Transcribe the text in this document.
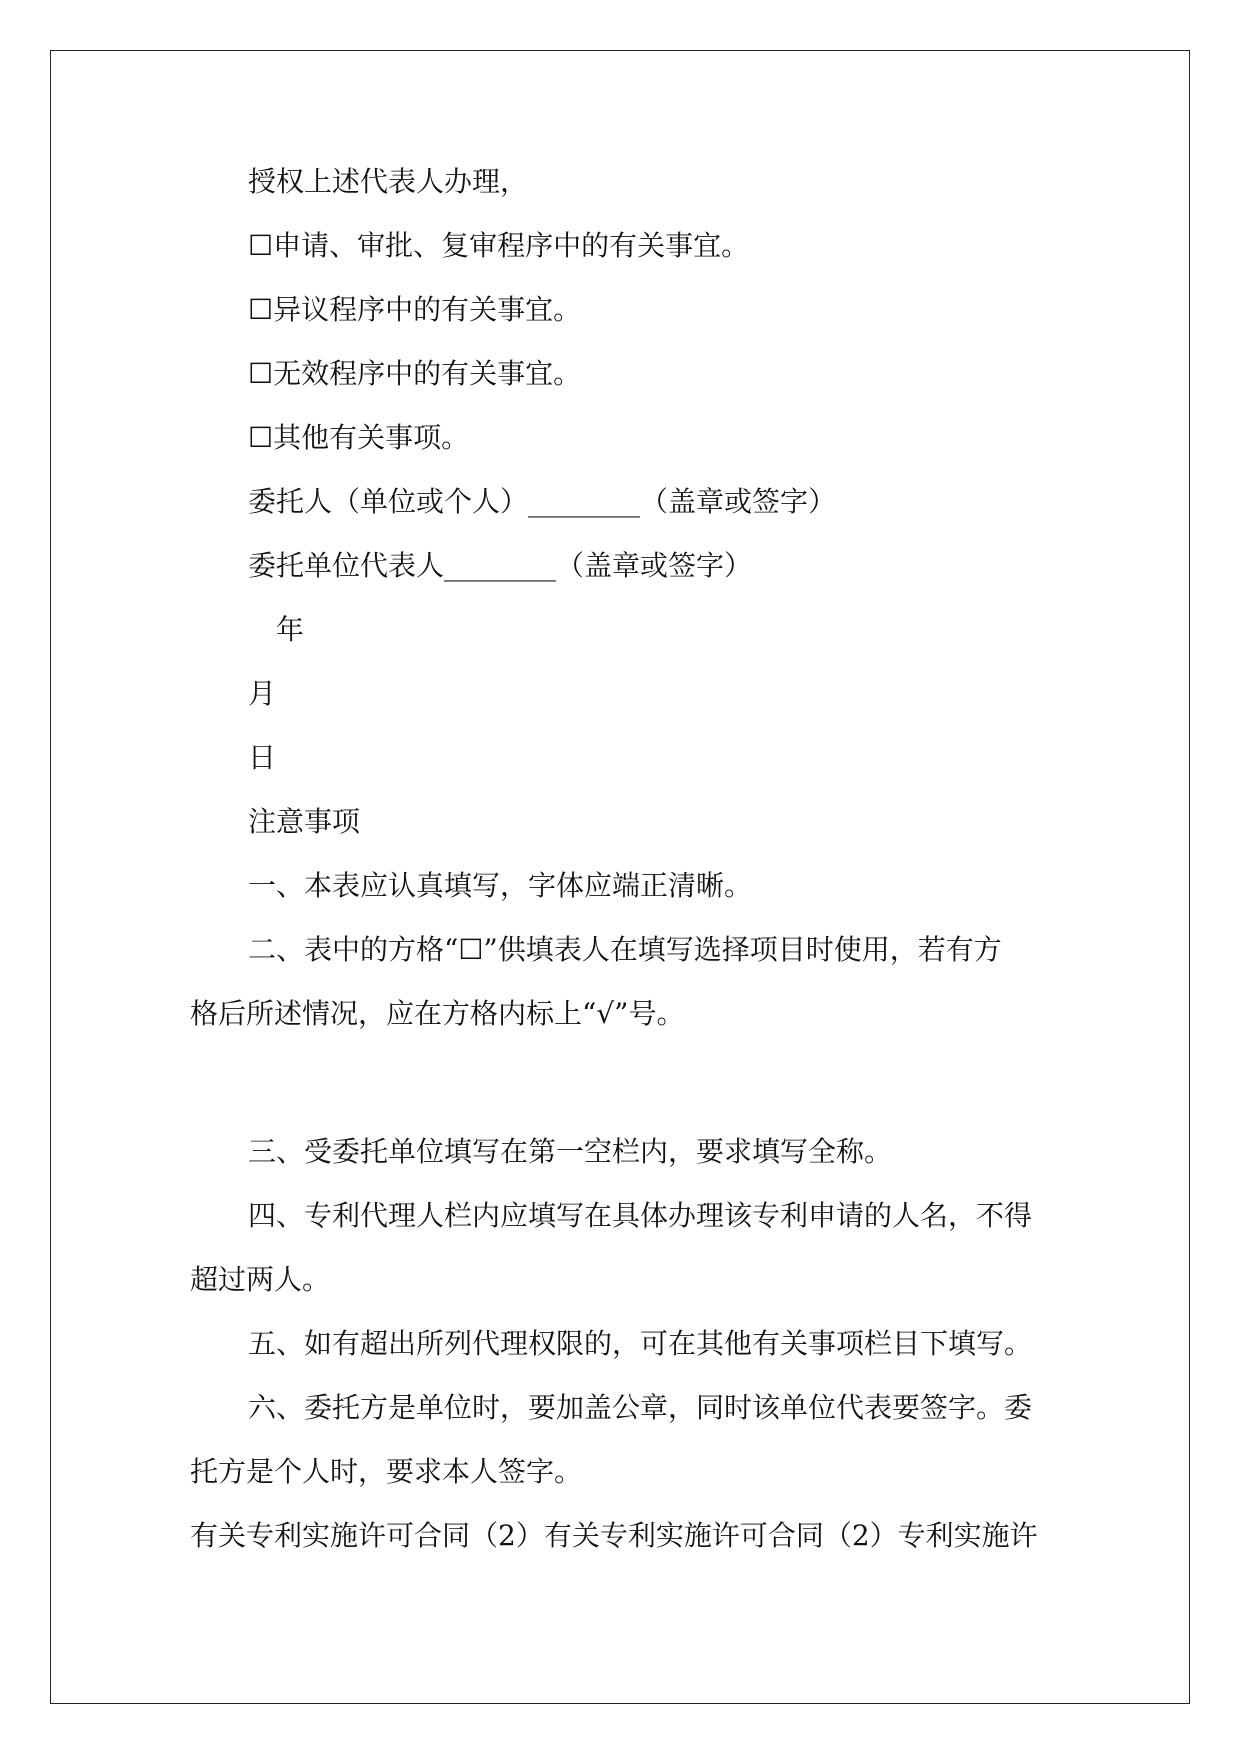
授权上述代表人办理，
☐申请、审批、复审程序中的有关事宜。
☐异议程序中的有关事宜。
☐无效程序中的有关事宜。
☐其他有关事项。
委托人（单位或个人）________（盖章或签字）
委托单位代表人________（盖章或签字）
年
月
日
注意事项
一、本表应认真填写，字体应端正清晰。
二、表中的方格“☐”供填表人在填写选择项目时使用，若有方
格后所述情况，应在方格内标上“√”号。
三、受委托单位填写在第一空栏内，要求填写全称。
四、专利代理人栏内应填写在具体办理该专利申请的人名，不得
超过两人。
五、如有超出所列代理权限的，可在其他有关事项栏目下填写。
六、委托方是单位时，要加盖公章，同时该单位代表要签字。委
托方是个人时，要求本人签字。
有关专利实施许可合同（2）有关专利实施许可合同（2）专利实施许
